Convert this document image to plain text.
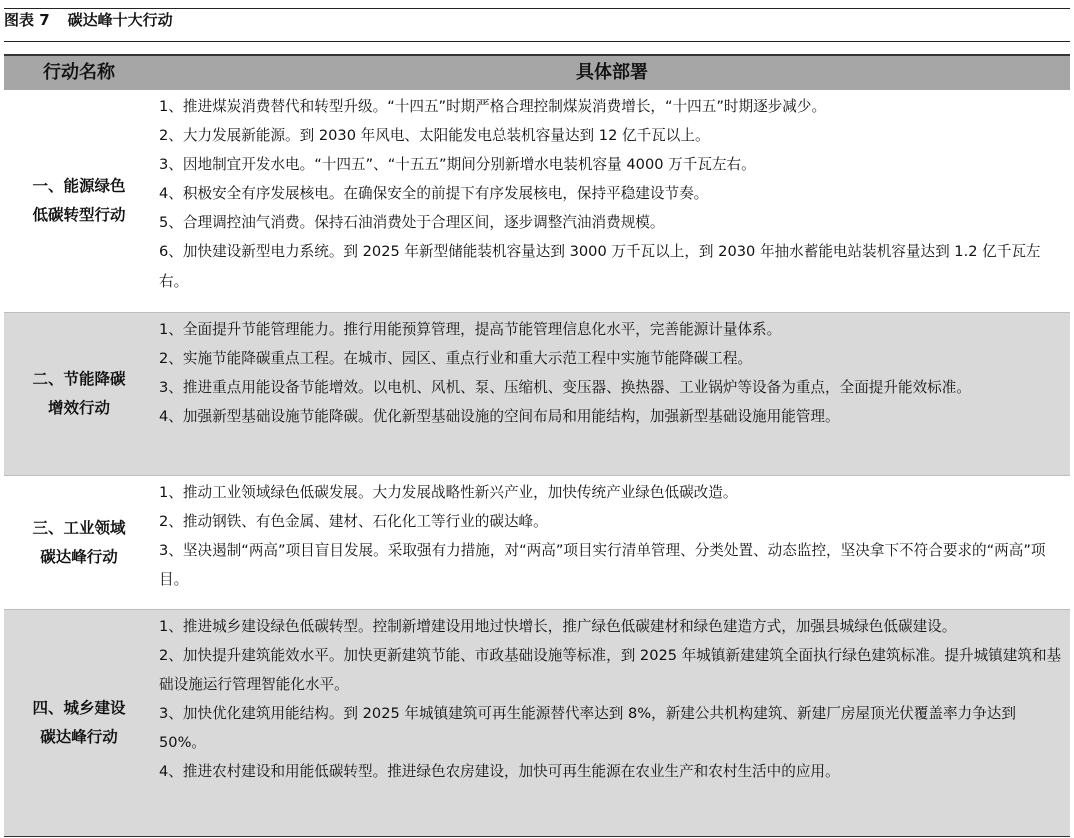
图表 7 碳达峰十大行动
行动名称	具体部署
一、能源绿色
低碳转型行动
1、推进煤炭消费替代和转型升级。“十四五”时期严格合理控制煤炭消费增长，“十四五”时期逐步减少。
2、大力发展新能源。到 2030 年风电、太阳能发电总装机容量达到 12 亿千瓦以上。
3、因地制宜开发水电。“十四五”、“十五五”期间分别新增水电装机容量 4000 万千瓦左右。
4、积极安全有序发展核电。在确保安全的前提下有序发展核电，保持平稳建设节奏。
5、合理调控油气消费。保持石油消费处于合理区间，逐步调整汽油消费规模。
6、加快建设新型电力系统。到 2025 年新型储能装机容量达到 3000 万千瓦以上，到 2030 年抽水蓄能电站装机容量达到 1.2 亿千瓦左右。
二、节能降碳
增效行动
1、全面提升节能管理能力。推行用能预算管理，提高节能管理信息化水平，完善能源计量体系。
2、实施节能降碳重点工程。在城市、园区、重点行业和重大示范工程中实施节能降碳工程。
3、推进重点用能设备节能增效。以电机、风机、泵、压缩机、变压器、换热器、工业锅炉等设备为重点，全面提升能效标准。
4、加强新型基础设施节能降碳。优化新型基础设施的空间布局和用能结构，加强新型基础设施用能管理。
三、工业领域
碳达峰行动
1、推动工业领域绿色低碳发展。大力发展战略性新兴产业，加快传统产业绿色低碳改造。
2、推动钢铁、有色金属、建材、石化化工等行业的碳达峰。
3、坚决遏制“两高”项目盲目发展。采取强有力措施，对“两高”项目实行清单管理、分类处置、动态监控，坚决拿下不符合要求的“两高”项目。
四、城乡建设
碳达峰行动
1、推进城乡建设绿色低碳转型。控制新增建设用地过快增长，推广绿色低碳建材和绿色建造方式，加强县城绿色低碳建设。
2、加快提升建筑能效水平。加快更新建筑节能、市政基础设施等标准，到 2025 年城镇新建建筑全面执行绿色建筑标准。提升城镇建筑和基础设施运行管理智能化水平。
3、加快优化建筑用能结构。到 2025 年城镇建筑可再生能源替代率达到 8%，新建公共机构建筑、新建厂房屋顶光伏覆盖率力争达到 50%。
4、推进农村建设和用能低碳转型。推进绿色农房建设，加快可再生能源在农业生产和农村生活中的应用。
